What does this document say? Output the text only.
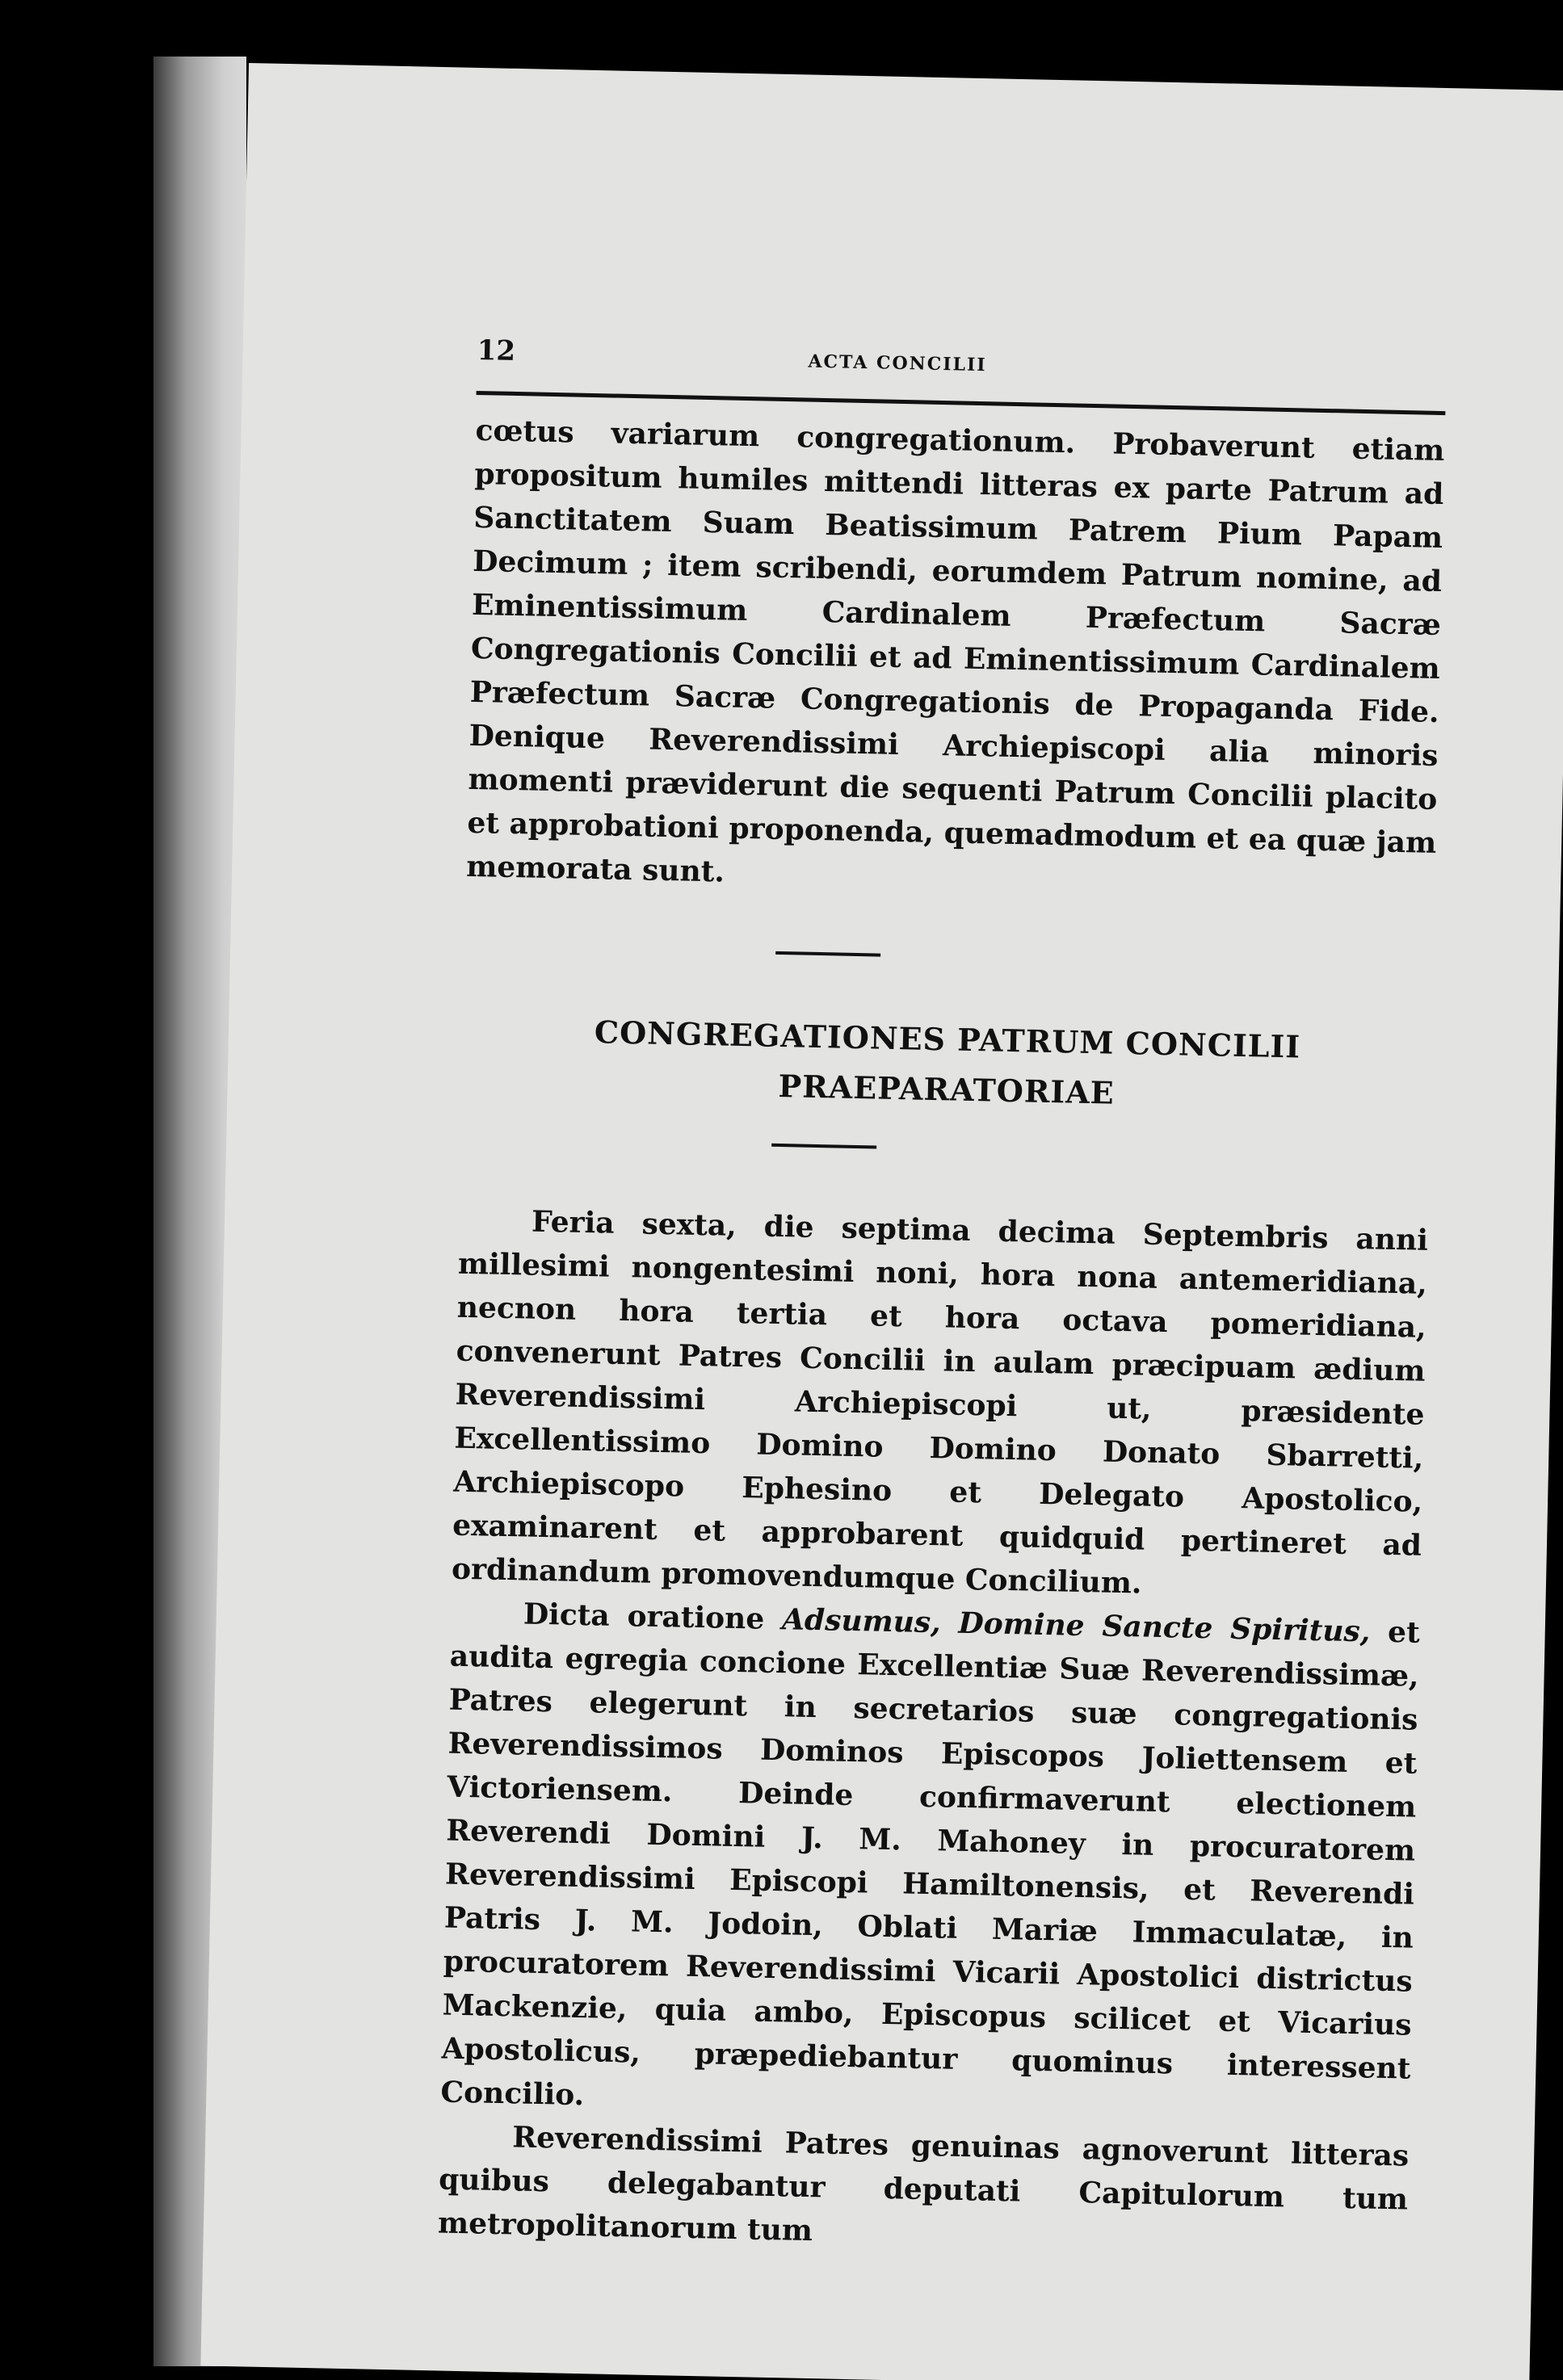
12	ACTA CONCILII

cœtus variarum congregationum. Probaverunt etiam propositum humiles mittendi litteras ex parte Patrum ad Sanctitatem Suam Beatissimum Patrem Pium Papam Decimum ; item scribendi, eorumdem Patrum nomine, ad Eminentissimum Cardinalem Præfectum Sacræ Congregationis Concilii et ad Eminentissimum Cardinalem Præfectum Sacræ Congregationis de Propaganda Fide. Denique Reverendissimi Archiepiscopi alia minoris momenti præviderunt die sequenti Patrum Concilii placito et approbationi proponenda, quemadmodum et ea quæ jam memorata sunt.

CONGREGATIONES PATRUM CONCILII
PRAEPARATORIAE

Feria sexta, die septima decima Septembris anni millesimi nongentesimi noni, hora nona antemeridiana, necnon hora tertia et hora octava pomeridiana, convenerunt Patres Concilii in aulam præcipuam ædium Reverendissimi Archiepiscopi ut, præsidente Excellentissimo Domino Domino Donato Sbarretti, Archiepiscopo Ephesino et Delegato Apostolico, examinarent et approbarent quidquid pertineret ad ordinandum promovendumque Concilium.

Dicta oratione Adsumus, Domine Sancte Spiritus, et audita egregia concione Excellentiæ Suæ Reverendissimæ, Patres elegerunt in secretarios suæ congregationis Reverendissimos Dominos Episcopos Joliettensem et Victoriensem. Deinde confirmaverunt electionem Reverendi Domini J. M. Mahoney in procuratorem Reverendissimi Episcopi Hamiltonensis, et Reverendi Patris J. M. Jodoin, Oblati Mariæ Immaculatæ, in procuratorem Reverendissimi Vicarii Apostolici districtus Mackenzie, quia ambo, Episcopus scilicet et Vicarius Apostolicus, præpediebantur quominus interessent Concilio.

Reverendissimi Patres genuinas agnoverunt litteras quibus delegabantur deputati Capitulorum tum metropolitanorum tum
